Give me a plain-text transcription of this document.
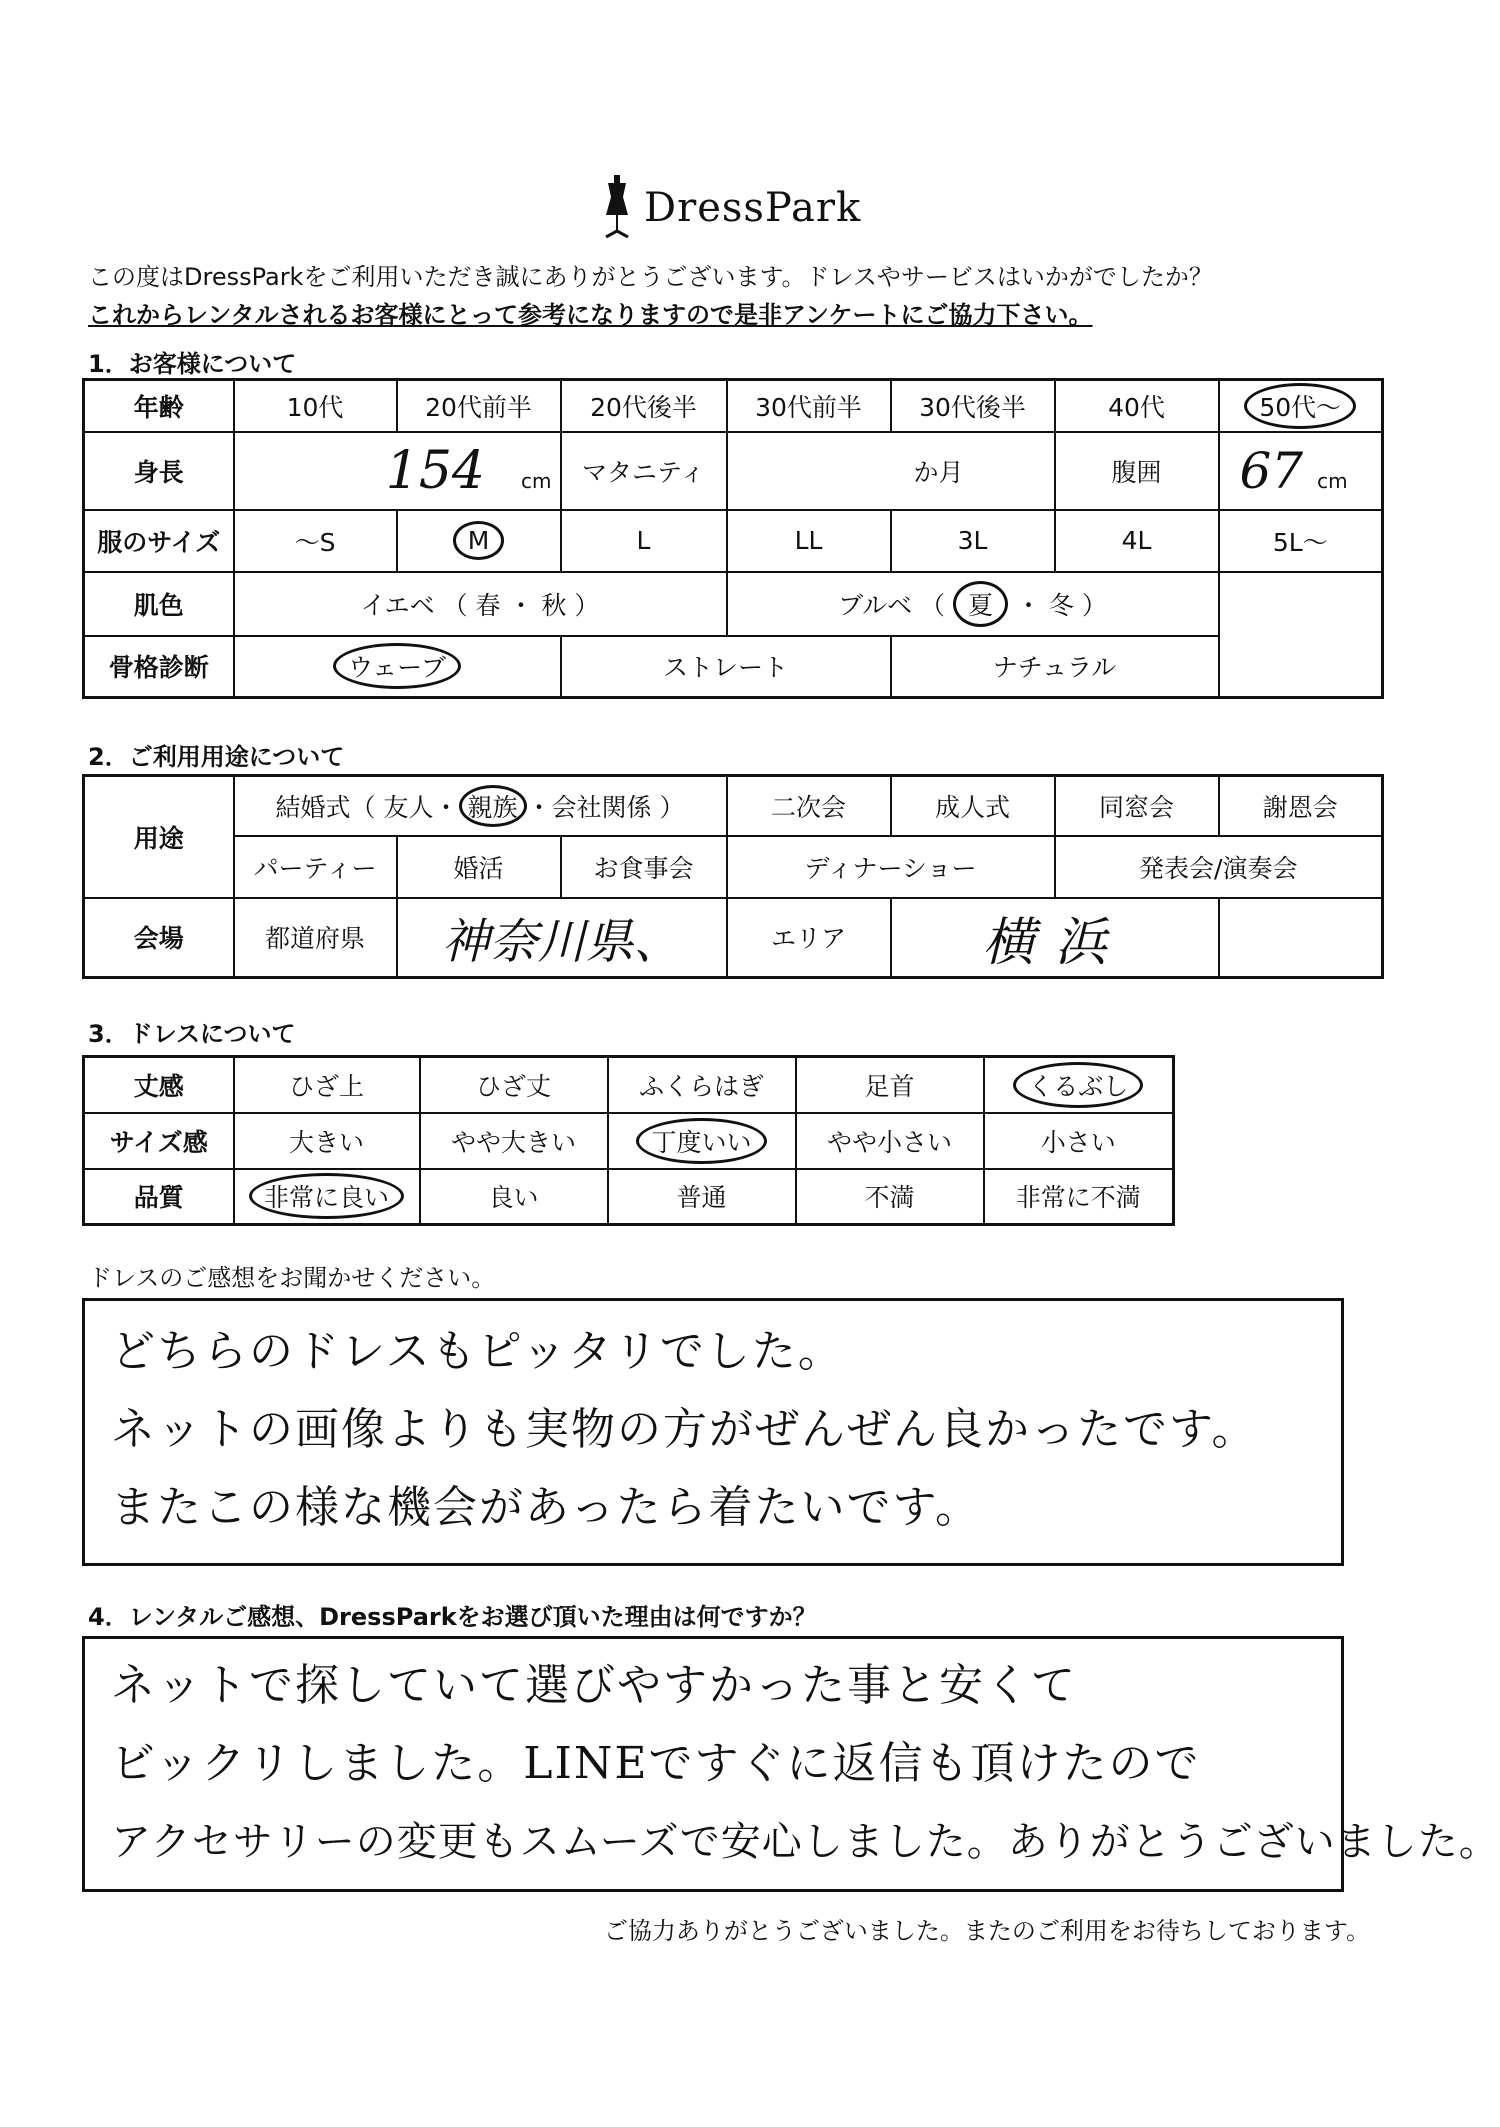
DressPark
この度はDressParkをご利用いただき誠にありがとうございます。ドレスやサービスはいかがでしたか？
これからレンタルされるお客様にとって参考になりますので是非アンケートにご協力下さい。
1．お客様について
年齢	10代	20代前半	20代後半	30代前半	30代後半	40代	50代〜
身長	154 cm		マタニティ	か月		腹囲	67 cm
服のサイズ	〜S	M	L	LL	3L	4L	5L〜
肌色	イエベ （ 春 ・ 秋 ）			ブルベ （ 夏 ・ 冬 ）			
骨格診断	ウェーブ		ストレート		ナチュラル		
2．ご利用用途について
用途	結婚式（ 友人・ 親族 ・会社関係 ）			二次会	成人式	同窓会	謝恩会
	パーティー	婚活	お食事会	ディナーショー		発表会/演奏会	
会場	都道府県	神奈川県、		エリア	横浜		
3．ドレスについて
丈感	ひざ上	ひざ丈	ふくらはぎ	足首	くるぶし
サイズ感	大きい	やや大きい	丁度いい	やや小さい	小さい
品質	非常に良い	良い	普通	不満	非常に不満
ドレスのご感想をお聞かせください。
どちらのドレスもピッタリでした。
ネットの画像よりも実物の方がぜんぜん良かったです。
またこの様な機会があったら着たいです。
4．レンタルご感想、DressParkをお選び頂いた理由は何ですか？
ネットで探していて選びやすかった事と安くて
ビックリしました。LINEですぐに返信も頂けたので
アクセサリーの変更もスムーズで安心しました。ありがとうございました。
ご協力ありがとうございました。またのご利用をお待ちしております。
